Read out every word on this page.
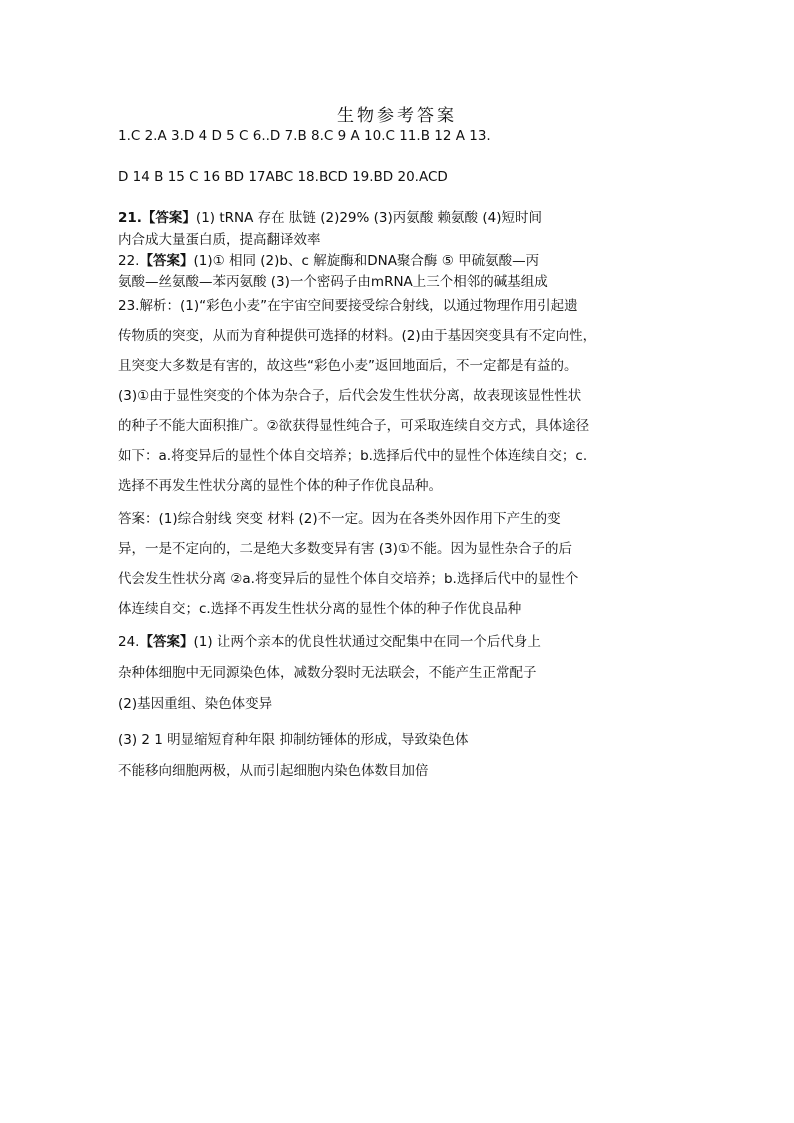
生物参考答案
1.C 2.A 3.D 4 D 5 C 6..D 7.B 8.C 9 A 10.C 11.B 12 A 13.
D 14 B 15 C 16 BD 17ABC 18.BCD 19.BD 20.ACD
21.【答案】(1) tRNA 存在 肽链 (2)29% (3)丙氨酸 赖氨酸 (4)短时间
内合成大量蛋白质，提高翻译效率
22.【答案】(1)① 相同 (2)b、c 解旋酶和DNA聚合酶 ⑤ 甲硫氨酸—丙
氨酸—丝氨酸—苯丙氨酸 (3)一个密码子由mRNA上三个相邻的碱基组成
23.解析：(1)“彩色小麦”在宇宙空间要接受综合射线，以通过物理作用引起遗
传物质的突变，从而为育种提供可选择的材料。(2)由于基因突变具有不定向性，
且突变大多数是有害的，故这些“彩色小麦”返回地面后，不一定都是有益的。
(3)①由于显性突变的个体为杂合子，后代会发生性状分离，故表现该显性性状
的种子不能大面积推广。②欲获得显性纯合子，可采取连续自交方式，具体途径
如下：a.将变异后的显性个体自交培养；b.选择后代中的显性个体连续自交；c.
选择不再发生性状分离的显性个体的种子作优良品种。
答案：(1)综合射线 突变 材料 (2)不一定。因为在各类外因作用下产生的变
异，一是不定向的，二是绝大多数变异有害 (3)①不能。因为显性杂合子的后
代会发生性状分离 ②a.将变异后的显性个体自交培养；b.选择后代中的显性个
体连续自交；c.选择不再发生性状分离的显性个体的种子作优良品种
24.【答案】(1) 让两个亲本的优良性状通过交配集中在同一个后代身上
杂种体细胞中无同源染色体，减数分裂时无法联会，不能产生正常配子
(2)基因重组、染色体变异
(3) 2 1 明显缩短育种年限 抑制纺锤体的形成，导致染色体
不能移向细胞两极，从而引起细胞内染色体数目加倍
